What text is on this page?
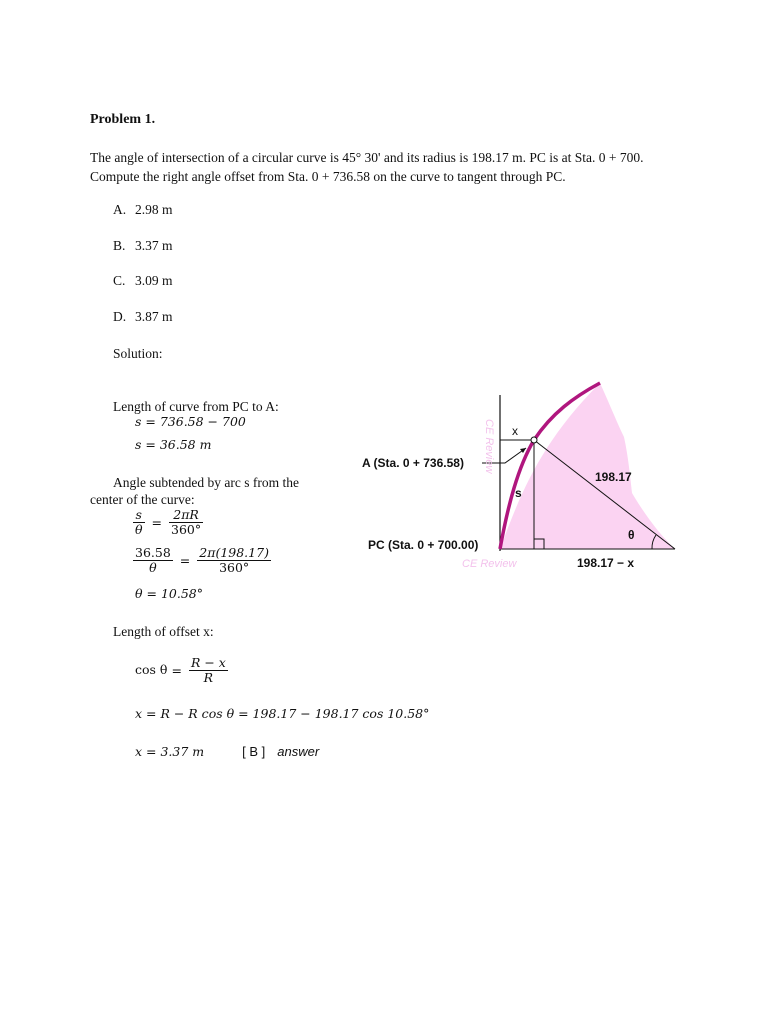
Problem 1.
The angle of intersection of a circular curve is 45° 30' and its radius is 198.17 m. PC is at Sta. 0 + 700. Compute the right angle offset from Sta. 0 + 736.58 on the curve to tangent through PC.
A. 2.98 m
B. 3.37 m
C. 3.09 m
D. 3.87 m
Solution:
Length of curve from PC to A:
s = 736.58 − 700
s = 36.58 m
Angle subtended by arc s from the
center of the curve:
$\frac{s}{\theta} = \frac{2\pi R}{360^\circ}$
$\frac{36.58}{\theta} = \frac{2\pi(198.17)}{360^\circ}$
θ = 10.58°
Length of offset x:
$\cos \theta = \frac{R - x}{R}$
x = R − R cos θ = 198.17 − 198.17 cos 10.58°
x = 3.37 m	[ B ] answer
CE Review
CE Review
x
s
A (Sta. 0 + 736.58)
PC (Sta. 0 + 700.00)
198.17
θ
198.17 − x
